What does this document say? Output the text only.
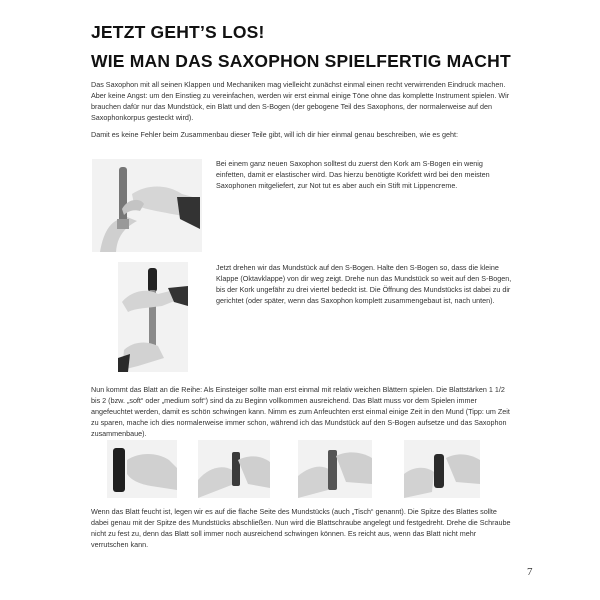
JETZT GEHT’S LOS!
WIE MAN DAS SAXOPHON SPIELFERTIG MACHT

Das Saxophon mit all seinen Klappen und Mechaniken mag vielleicht zunächst einmal einen recht verwirrenden Eindruck machen. Aber keine Angst: um den Einstieg zu vereinfachen, werden wir erst einmal einige Töne ohne das komplette Instrument spielen. Wir brauchen dafür nur das Mundstück, ein Blatt und den S-Bogen (der gebogene Teil des Saxophons, der normalerweise auf den Saxophonkorpus gesteckt wird).

Damit es keine Fehler beim Zusammenbau dieser Teile gibt, will ich dir hier einmal genau beschreiben, wie es geht:

Bei einem ganz neuen Saxophon solltest du zuerst den Kork am S-Bogen ein wenig einfetten, damit er elastischer wird. Das hierzu benötigte Korkfett wird bei den meisten Saxophonen mitgeliefert, zur Not tut es aber auch ein Stift mit Lippencreme.

Jetzt drehen wir das Mundstück auf den S-Bogen. Halte den S-Bogen so, dass die kleine Klappe (Oktavklappe) von dir weg zeigt. Drehe nun das Mundstück so weit auf den S-Bogen, bis der Kork ungefähr zu drei viertel bedeckt ist. Die Öffnung des Mundstücks ist dabei zu dir gerichtet (oder später, wenn das Saxophon komplett zusammengebaut ist, nach unten).

Nun kommt das Blatt an die Reihe: Als Einsteiger sollte man erst einmal mit relativ weichen Blättern spielen. Die Blattstärken 1 1/2 bis 2 (bzw. „soft“ oder „medium soft“) sind da zu Beginn vollkommen ausreichend. Das Blatt muss vor dem Spielen immer angefeuchtet werden, damit es schön schwingen kann. Nimm es zum Anfeuchten erst einmal einige Zeit in den Mund (Tipp: um Zeit zu sparen, mache ich dies normalerweise immer schon, während ich das Mundstück auf den S-Bogen aufsetze und das Saxophon zusammenbaue).

Wenn das Blatt feucht ist, legen wir es auf die flache Seite des Mundstücks (auch „Tisch“ genannt). Die Spitze des Blattes sollte dabei genau mit der Spitze des Mundstücks abschließen. Nun wird die Blattschraube angelegt und festgedreht. Drehe die Schraube nicht zu fest zu, denn das Blatt soll immer noch ausreichend schwingen können. Es reicht aus, wenn das Blatt nicht mehr verrutschen kann.

7
